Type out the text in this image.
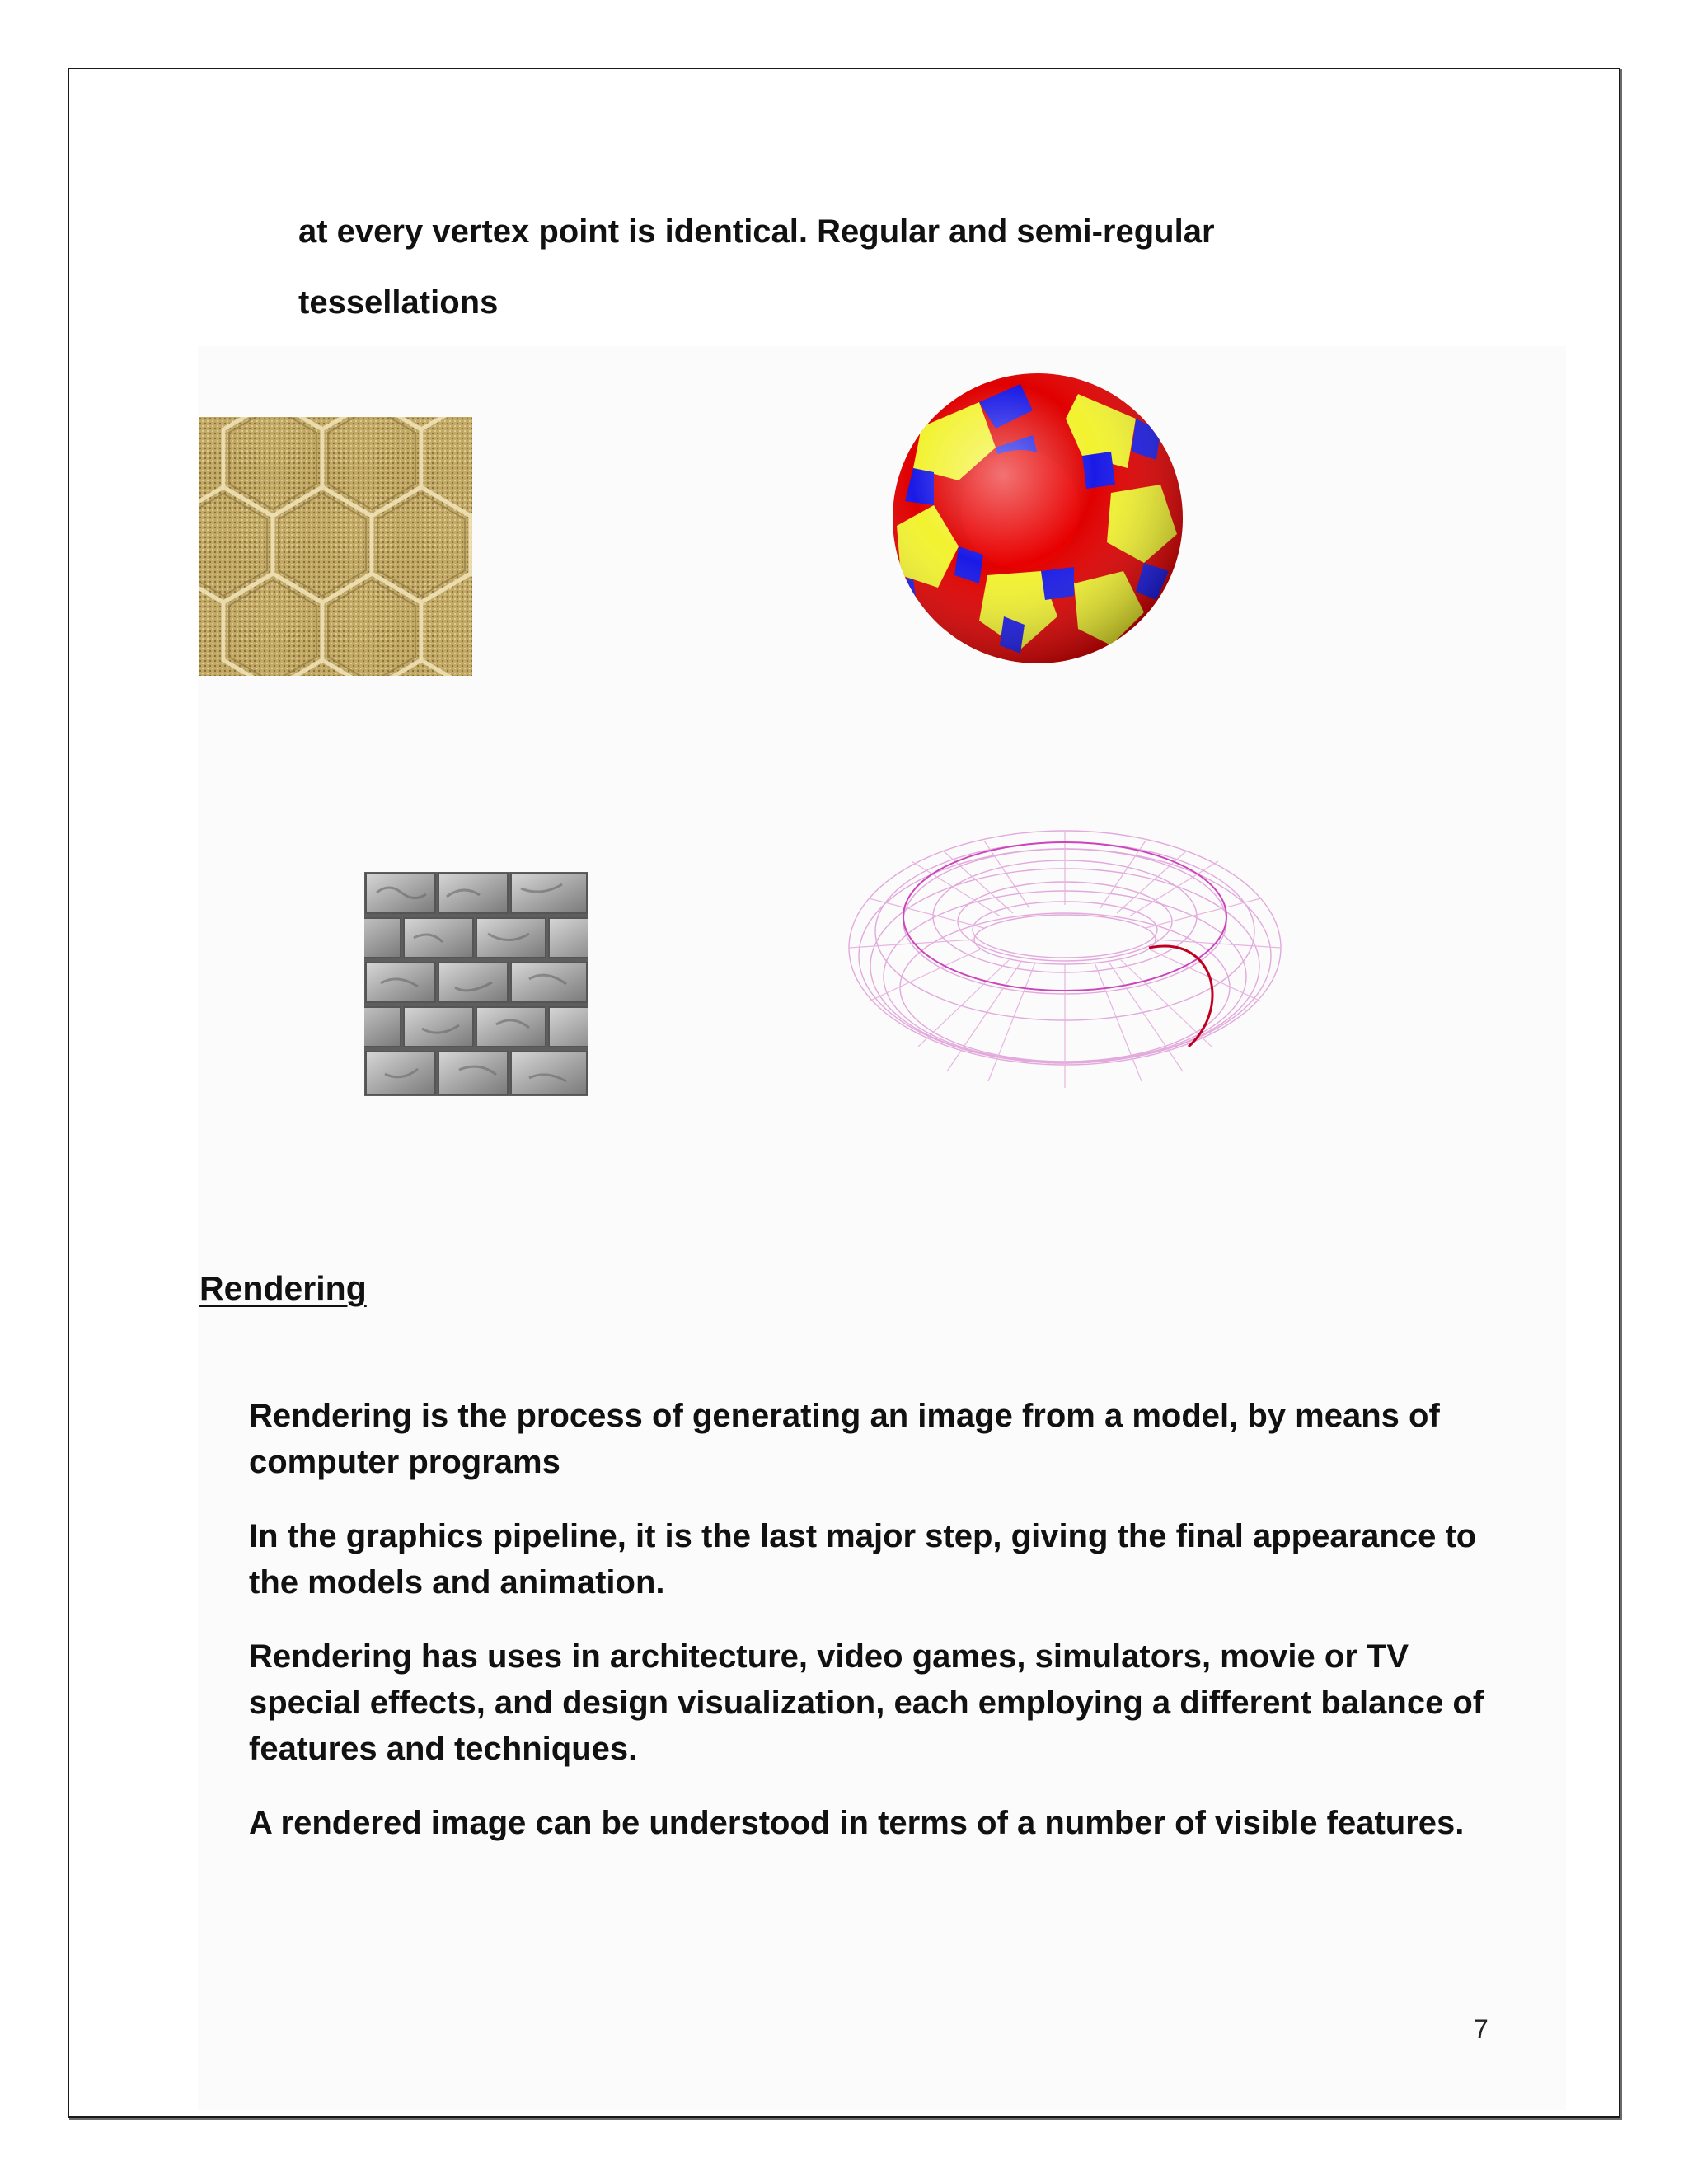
at every vertex point is identical. Regular and semi-regular
tessellations
Rendering

Rendering is the process of generating an image from a model, by means of computer programs

In the graphics pipeline, it is the last major step, giving the final appearance to the models and animation.

Rendering has uses in architecture, video games, simulators, movie or TV special effects, and design visualization, each employing a different balance of features and techniques.

A rendered image can be understood in terms of a number of visible features.

7
